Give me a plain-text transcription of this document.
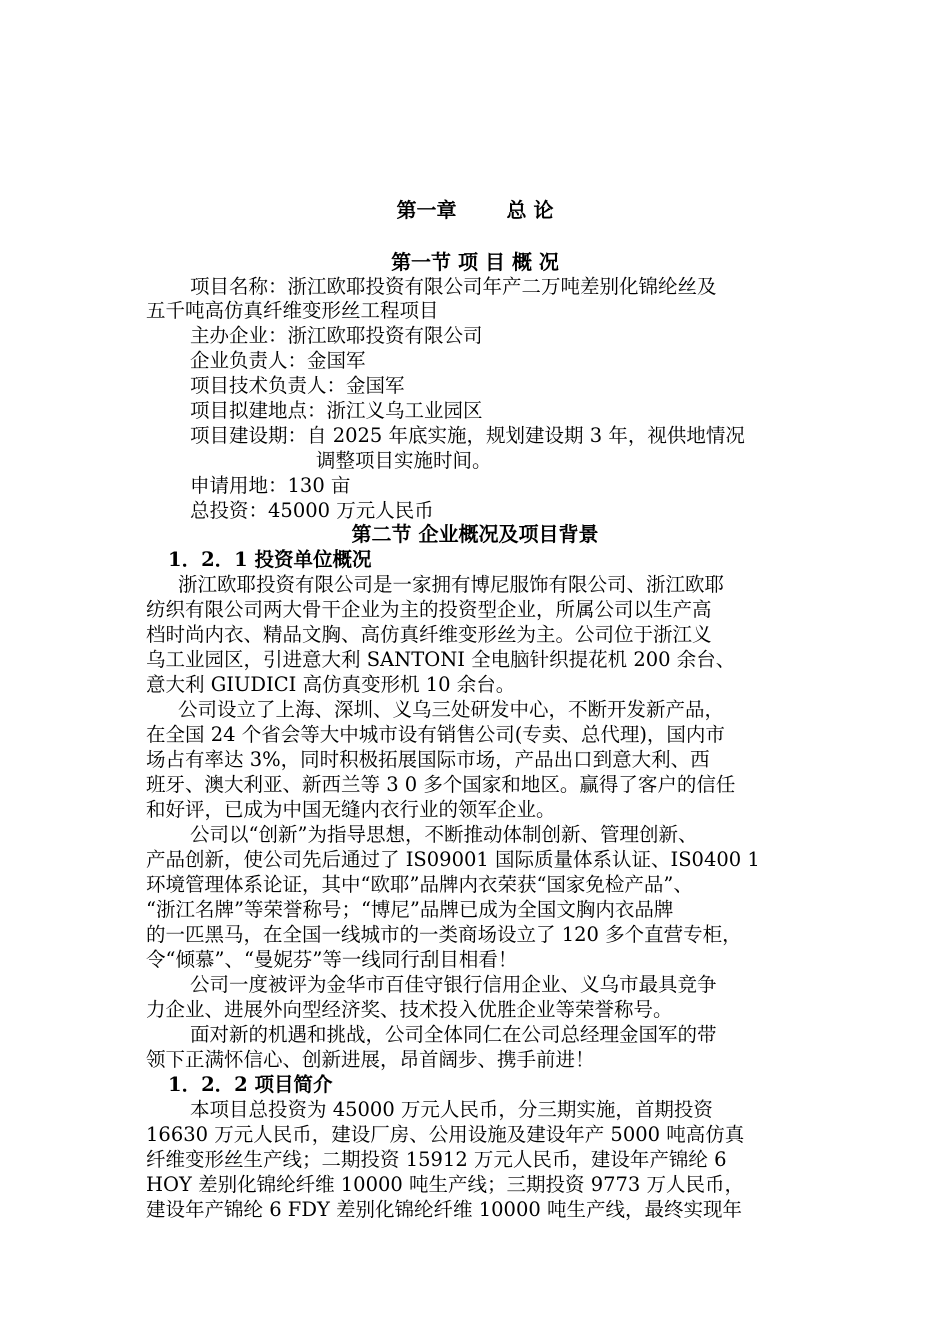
第一章	总 论
第一节 项 目 概 况
项目名称：浙江欧耶投资有限公司年产二万吨差别化锦纶丝及
五千吨高仿真纤维变形丝工程项目
主办企业：浙江欧耶投资有限公司
企业负责人：金国军
项目技术负责人：金国军
项目拟建地点：浙江义乌工业园区
项目建设期：自 2025 年底实施，规划建设期 3 年，视供地情况
调整项目实施时间。
申请用地：130 亩
总投资：45000 万元人民币
第二节 企业概况及项目背景
1．2．1 投资单位概况
浙江欧耶投资有限公司是一家拥有博尼服饰有限公司、浙江欧耶
纺织有限公司两大骨干企业为主的投资型企业，所属公司以生产高
档时尚内衣、精品文胸、高仿真纤维变形丝为主。公司位于浙江义
乌工业园区，引进意大利 SANTONI 全电脑针织提花机 200 余台、
意大利 GIUDICI 高仿真变形机 10 余台。
公司设立了上海、深圳、义乌三处研发中心，不断开发新产品，
在全国 24 个省会等大中城市设有销售公司(专卖、总代理)，国内市
场占有率达 3%，同时积极拓展国际市场，产品出口到意大利、西
班牙、澳大利亚、新西兰等 3 0 多个国家和地区。赢得了客户的信任
和好评，已成为中国无缝内衣行业的领军企业。
公司以“创新”为指导思想，不断推动体制创新、管理创新、
产品创新，使公司先后通过了 IS09001 国际质量体系认证、IS0400 1
环境管理体系论证，其中“欧耶”品牌内衣荣获“国家免检产品”、
“浙江名牌”等荣誉称号；“博尼”品牌已成为全国文胸内衣品牌
的一匹黑马，在全国一线城市的一类商场设立了 120 多个直营专柜，
令“倾慕”、“曼妮芬”等一线同行刮目相看！
公司一度被评为金华市百佳守银行信用企业、义乌市最具竞争
力企业、进展外向型经济奖、技术投入优胜企业等荣誉称号。
面对新的机遇和挑战，公司全体同仁在公司总经理金国军的带
领下正满怀信心、创新进展，昂首阔步、携手前进！
1．2．2 项目简介
本项目总投资为 45000 万元人民币，分三期实施，首期投资
16630 万元人民币，建设厂房、公用设施及建设年产 5000 吨高仿真
纤维变形丝生产线；二期投资 15912 万元人民币，建设年产锦纶 6
HOY 差别化锦纶纤维 10000 吨生产线；三期投资 9773 万人民币，
建设年产锦纶 6 FDY 差别化锦纶纤维 10000 吨生产线，最终实现年
